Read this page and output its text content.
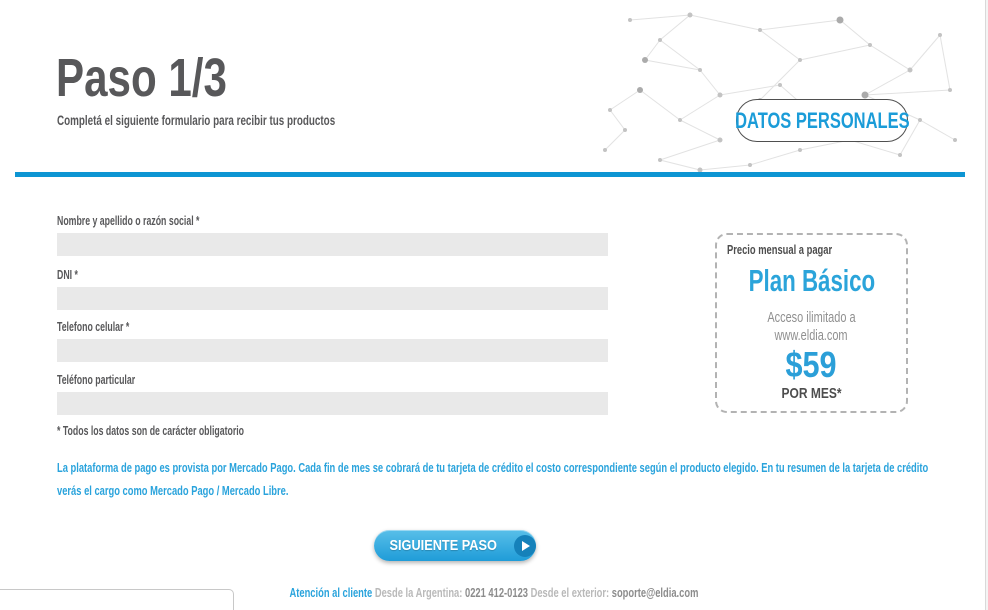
Paso 1/3
Completá el siguiente formulario para recibir tus productos	DATOS PERSONALES
Nombre y apellido o razón social *
DNI *
Telefono celular *
Teléfono particular
* Todos los datos son de carácter obligatorio
La plataforma de pago es provista por Mercado Pago. Cada fin de mes se cobrará de tu tarjeta de crédito el costo correspondiente según el producto elegido. En tu resumen de la tarjeta de crédito
verás el cargo como Mercado Pago / Mercado Libre.
SIGUIENTE PASO
Precio mensual a pagar
Plan Básico
Acceso ilimitado a
www.eldia.com
$59
POR MES*
Atención al cliente Desde la Argentina: 0221 412-0123 Desde el exterior: soporte@eldia.com
